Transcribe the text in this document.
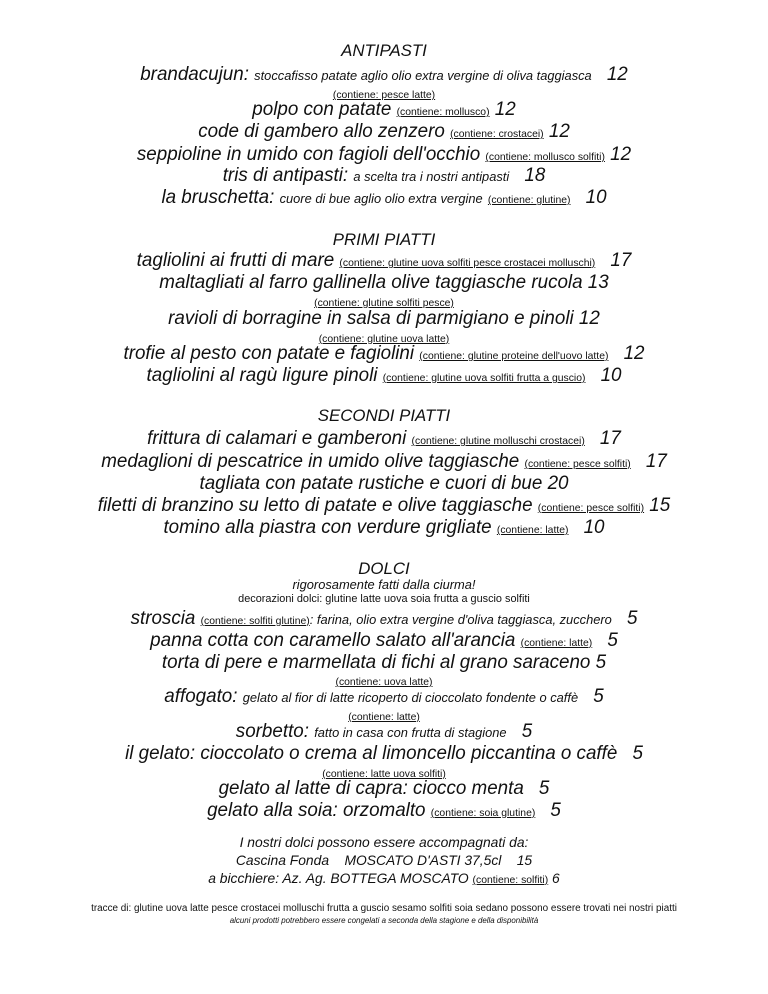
ANTIPASTI
brandacujun: stoccafisso patate aglio olio extra vergine di oliva taggiasca 12
(contiene: pesce latte)
polpo con patate (contiene: mollusco) 12
code di gambero allo zenzero (contiene: crostacei) 12
seppioline in umido con fagioli dell'occhio (contiene: mollusco solfiti) 12
tris di antipasti: a scelta tra i nostri antipasti 18
la bruschetta: cuore di bue aglio olio extra vergine (contiene: glutine) 10
PRIMI PIATTI
tagliolini ai frutti di mare (contiene: glutine uova solfiti pesce crostacei molluschi) 17
maltagliati al farro gallinella olive taggiasche rucola 13
(contiene: glutine solfiti pesce)
ravioli di borragine in salsa di parmigiano e pinoli 12
(contiene: glutine uova latte)
trofie al pesto con patate e fagiolini (contiene: glutine proteine dell'uovo latte) 12
tagliolini al ragù ligure pinoli (contiene: glutine uova solfiti frutta a guscio) 10
SECONDI PIATTI
frittura di calamari e gamberoni (contiene: glutine molluschi crostacei) 17
medaglioni di pescatrice in umido olive taggiasche (contiene: pesce solfiti) 17
tagliata con patate rustiche e cuori di bue 20
filetti di branzino su letto di patate e olive taggiasche (contiene: pesce solfiti) 15
tomino alla piastra con verdure grigliate (contiene: latte) 10
DOLCI
rigorosamente fatti dalla ciurma!
decorazioni dolci: glutine latte uova soia frutta a guscio solfiti
stroscia (contiene: solfiti glutine): farina, olio extra vergine d'oliva taggiasca, zucchero 5
panna cotta con caramello salato all'arancia (contiene: latte) 5
torta di pere e marmellata di fichi al grano saraceno 5
(contiene: uova latte)
affogato: gelato al fior di latte ricoperto di cioccolato fondente o caffè 5
(contiene: latte)
sorbetto: fatto in casa con frutta di stagione 5
il gelato: cioccolato o crema al limoncello piccantina o caffè 5
(contiene: latte uova solfiti)
gelato al latte di capra: ciocco menta 5
gelato alla soia: orzomalto (contiene: soia glutine) 5
I nostri dolci possono essere accompagnati da:
Cascina Fonda MOSCATO D'ASTI 37,5cl 15
a bicchiere: Az. Ag. BOTTEGA MOSCATO (contiene: solfiti) 6
tracce di: glutine uova latte pesce crostacei molluschi frutta a guscio sesamo solfiti soia sedano possono essere trovati nei nostri piatti
alcuni prodotti potrebbero essere congelati a seconda della stagione e della disponibilità
